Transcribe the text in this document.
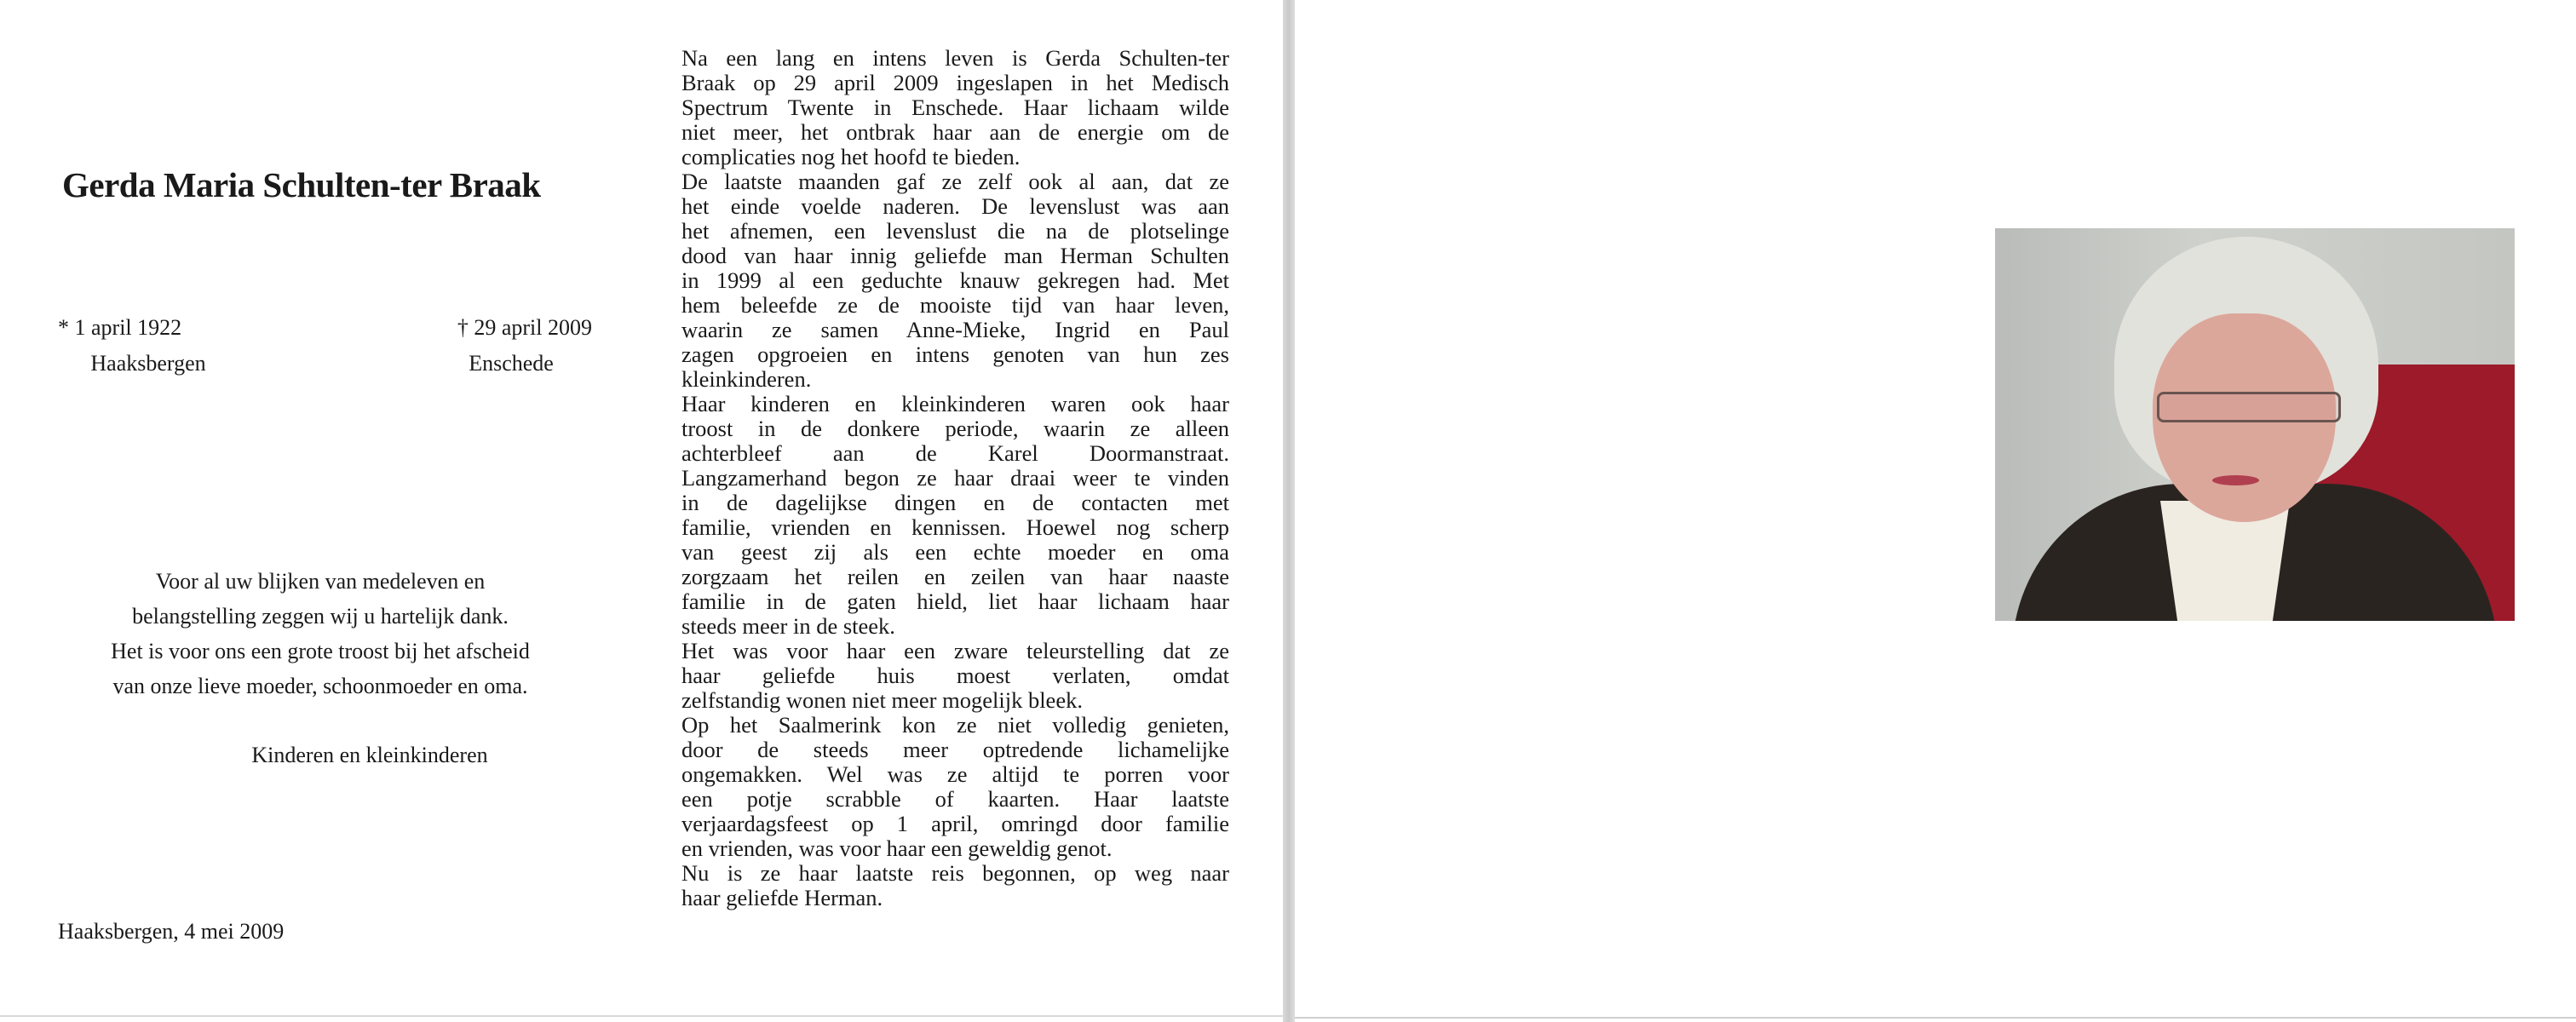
Gerda Maria Schulten-ter Braak
* 1 april 1922
Haaksbergen
† 29 april 2009
Enschede
Voor al uw blijken van medeleven en
belangstelling zeggen wij u hartelijk dank.
Het is voor ons een grote troost bij het afscheid
van onze lieve moeder, schoonmoeder en oma.
Kinderen en kleinkinderen
Haaksbergen, 4 mei 2009
Na een lang en intens leven is Gerda Schulten-ter
Braak op 29 april 2009 ingeslapen in het Medisch
Spectrum Twente in Enschede. Haar lichaam wilde
niet meer, het ontbrak haar aan de energie om de
complicaties nog het hoofd te bieden.
De laatste maanden gaf ze zelf ook al aan, dat ze
het einde voelde naderen. De levenslust was aan
het afnemen, een levenslust die na de plotselinge
dood van haar innig geliefde man Herman Schulten
in 1999 al een geduchte knauw gekregen had. Met
hem beleefde ze de mooiste tijd van haar leven,
waarin ze samen Anne-Mieke, Ingrid en Paul
zagen opgroeien en intens genoten van hun zes
kleinkinderen.
Haar kinderen en kleinkinderen waren ook haar
troost in de donkere periode, waarin ze alleen
achterbleef aan de Karel Doormanstraat.
Langzamerhand begon ze haar draai weer te vinden
in de dagelijkse dingen en de contacten met
familie, vrienden en kennissen. Hoewel nog scherp
van geest zij als een echte moeder en oma
zorgzaam het reilen en zeilen van haar naaste
familie in de gaten hield, liet haar lichaam haar
steeds meer in de steek.
Het was voor haar een zware teleurstelling dat ze
haar geliefde huis moest verlaten, omdat
zelfstandig wonen niet meer mogelijk bleek.
Op het Saalmerink kon ze niet volledig genieten,
door de steeds meer optredende lichamelijke
ongemakken. Wel was ze altijd te porren voor
een potje scrabble of kaarten. Haar laatste
verjaardagsfeest op 1 april, omringd door familie
en vrienden, was voor haar een geweldig genot.
Nu is ze haar laatste reis begonnen, op weg naar
haar geliefde Herman.
